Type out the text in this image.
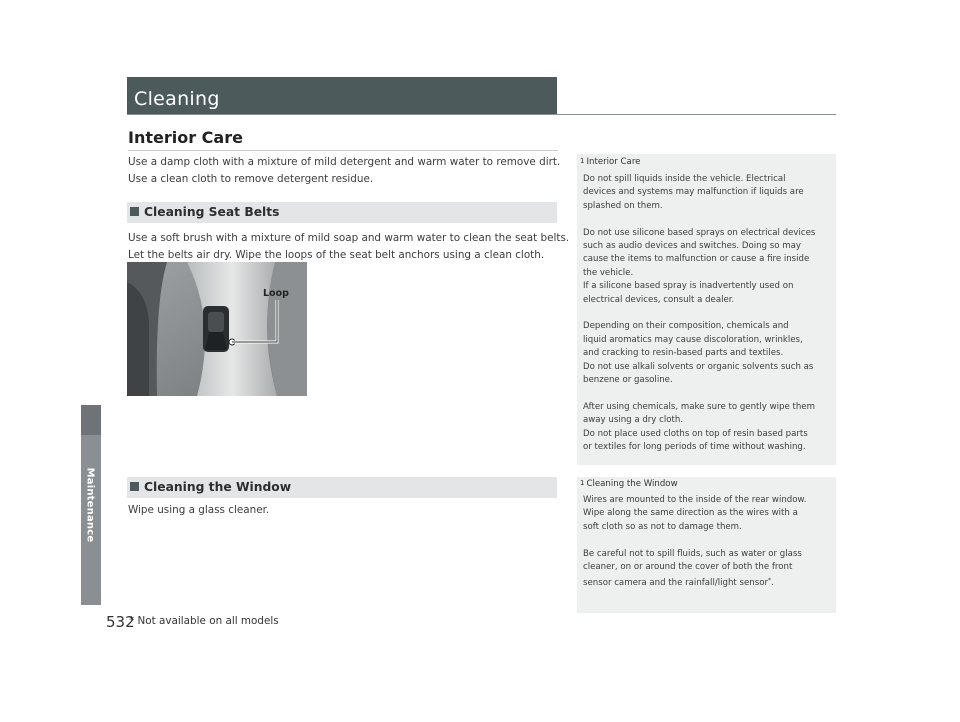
Maintenance
Cleaning
Interior Care
Use a damp cloth with a mixture of mild detergent and warm water to remove dirt.
Use a clean cloth to remove detergent residue.
Cleaning Seat Belts
Use a soft brush with a mixture of mild soap and warm water to clean the seat belts.
Let the belts air dry. Wipe the loops of the seat belt anchors using a clean cloth.
Loop
Cleaning the Window
Wipe using a glass cleaner.
1 Interior Care

Do not spill liquids inside the vehicle. Electrical
devices and systems may malfunction if liquids are
splashed on them.

Do not use silicone based sprays on electrical devices
such as audio devices and switches. Doing so may
cause the items to malfunction or cause a fire inside
the vehicle.
If a silicone based spray is inadvertently used on
electrical devices, consult a dealer.

Depending on their composition, chemicals and
liquid aromatics may cause discoloration, wrinkles,
and cracking to resin-based parts and textiles.
Do not use alkali solvents or organic solvents such as
benzene or gasoline.

After using chemicals, make sure to gently wipe them
away using a dry cloth.
Do not place used cloths on top of resin based parts
or textiles for long periods of time without washing.

1 Cleaning the Window

Wires are mounted to the inside of the rear window.
Wipe along the same direction as the wires with a
soft cloth so as not to damage them.

Be careful not to spill fluids, such as water or glass
cleaner, on or around the cover of both the front
sensor camera and the rainfall/light sensor*.

532
* Not available on all models
